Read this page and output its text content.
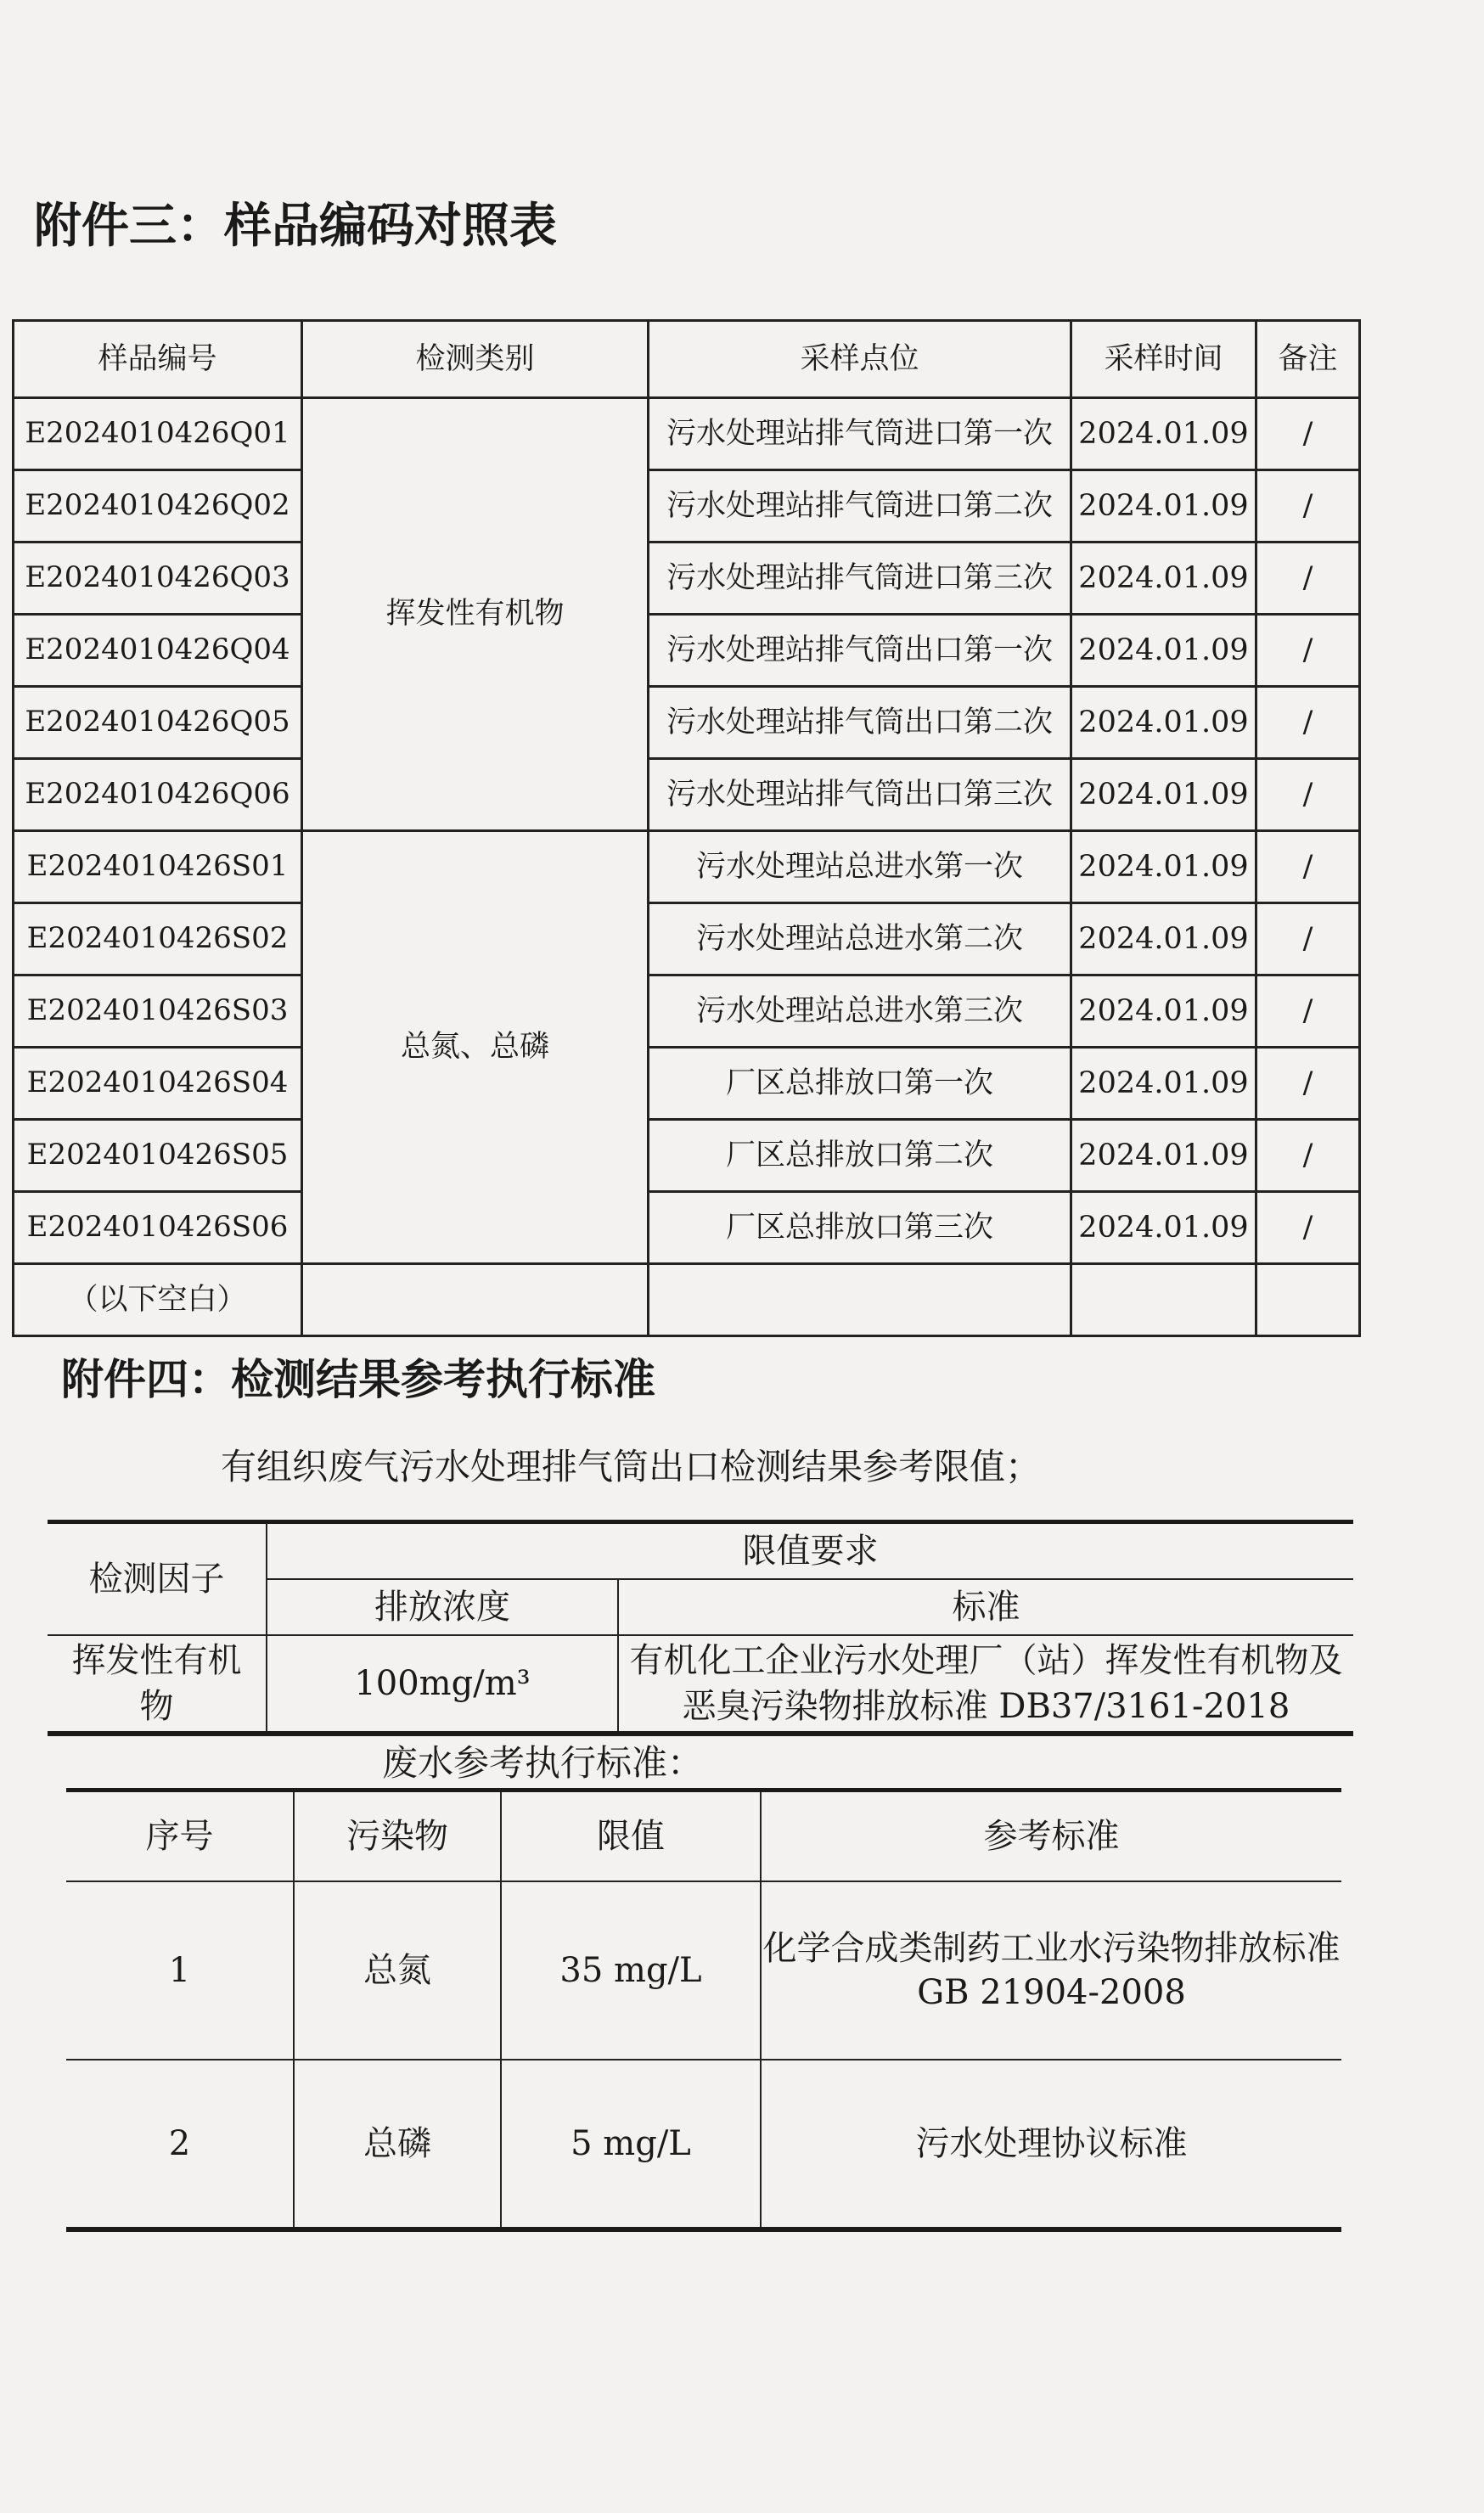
附件三：样品编码对照表
样品编号	检测类别	采样点位	采样时间	备注
E2024010426Q01	挥发性有机物	污水处理站排气筒进口第一次	2024.01.09	/
E2024010426Q02		污水处理站排气筒进口第二次	2024.01.09	/
E2024010426Q03		污水处理站排气筒进口第三次	2024.01.09	/
E2024010426Q04		污水处理站排气筒出口第一次	2024.01.09	/
E2024010426Q05		污水处理站排气筒出口第二次	2024.01.09	/
E2024010426Q06		污水处理站排气筒出口第三次	2024.01.09	/
E2024010426S01	总氮、总磷	污水处理站总进水第一次	2024.01.09	/
E2024010426S02		污水处理站总进水第二次	2024.01.09	/
E2024010426S03		污水处理站总进水第三次	2024.01.09	/
E2024010426S04		厂区总排放口第一次	2024.01.09	/
E2024010426S05		厂区总排放口第二次	2024.01.09	/
E2024010426S06		厂区总排放口第三次	2024.01.09	/
（以下空白）				
附件四：检测结果参考执行标准
有组织废气污水处理排气筒出口检测结果参考限值；
检测因子	限值要求	
	排放浓度	标准

挥发性有机物	100mg/m³	有机化工企业污水处理厂（站）挥发性有机物及
恶臭污染物排放标准 DB37/3161-2018
废水参考执行标准：
序号	污染物	限值	参考标准
1	总氮	35 mg/L	化学合成类制药工业水污染物排放标准
GB 21904-2008

2	总磷	5 mg/L	污水处理协议标准
